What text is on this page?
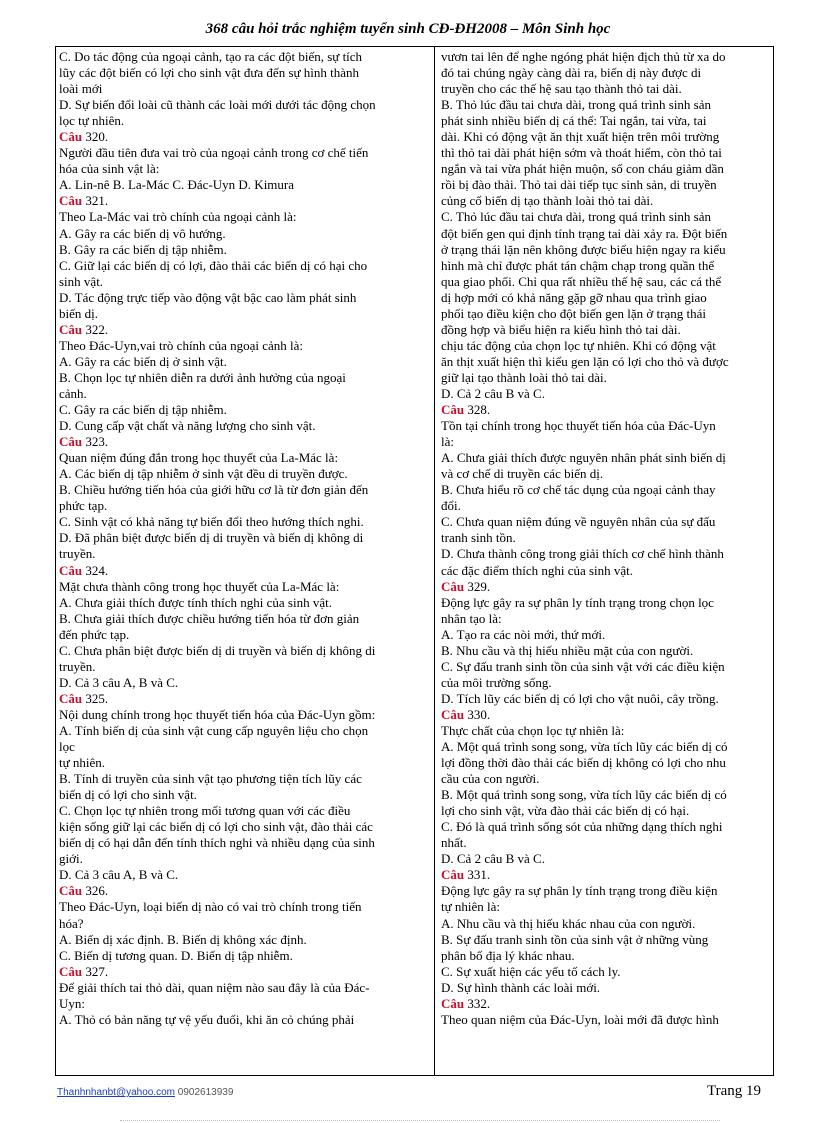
368 câu hỏi trắc nghiệm tuyển sinh CĐ-ĐH2008 – Môn Sinh học
C. Do tác động của ngoại cảnh, tạo ra các đột biến, sự tích
lũy các đột biến có lợi cho sinh vật đưa đến sự hình thành
loài mới
D. Sự biến đổi loài cũ thành các loài mới dưới tác động chọn
lọc tự nhiên.
Câu 320.
Người đầu tiên đưa vai trò của ngoại cảnh trong cơ chế tiến
hóa của sinh vật là:
A. Lin-nê B. La-Mác C. Đác-Uyn D. Kimura
Câu 321.
Theo La-Mác vai trò chính của ngoại cảnh là:
A. Gây ra các biến dị vô hướng.
B. Gây ra các biến dị tập nhiễm.
C. Giữ lại các biến dị có lợi, đào thải các biến dị có hại cho
sinh vật.
D. Tác động trực tiếp vào động vật bậc cao làm phát sinh
biến dị.
Câu 322.
Theo Đác-Uyn,vai trò chính của ngoại cảnh là:
A. Gây ra các biến dị ở sinh vật.
B. Chọn lọc tự nhiên diễn ra dưới ảnh hưởng của ngoại
cảnh.
C. Gây ra các biến dị tập nhiễm.
D. Cung cấp vật chất và năng lượng cho sinh vật.
Câu 323.
Quan niệm đúng đắn trong học thuyết của La-Mác là:
A. Các biến dị tập nhiễm ở sinh vật đều di truyền được.
B. Chiều hướng tiến hóa của giới hữu cơ là từ đơn giản đến
phức tạp.
C. Sinh vật có khả năng tự biến đổi theo hướng thích nghi.
D. Đã phân biệt được biến dị di truyền và biến dị không di
truyền.
Câu 324.
Mặt chưa thành công trong học thuyết của La-Mác là:
A. Chưa giải thích được tính thích nghi của sinh vật.
B. Chưa giải thích được chiều hướng tiến hóa từ đơn giản
đến phức tạp.
C. Chưa phân biệt được biến dị di truyền và biến dị không di
truyền.
D. Cả 3 câu A, B và C.
Câu 325.
Nội dung chính trong học thuyết tiến hóa của Đác-Uyn gồm:
A. Tính biến dị của sinh vật cung cấp nguyên liệu cho chọn
lọc
tự nhiên.
B. Tính di truyền của sinh vật tạo phương tiện tích lũy các
biến dị có lợi cho sinh vật.
C. Chọn lọc tự nhiên trong mối tương quan với các điều
kiện sống giữ lại các biến dị có lợi cho sinh vật, đào thải các
biến dị có hại dẫn đến tính thích nghi và nhiều dạng của sinh
giới.
D. Cả 3 câu A, B và C.
Câu 326.
Theo Đác-Uyn, loại biến dị nào có vai trò chính trong tiến
hóa?
A. Biến dị xác định. B. Biến dị không xác định.
C. Biến dị tương quan. D. Biến dị tập nhiễm.
Câu 327.
Để giải thích tai thỏ dài, quan niệm nào sau đây là của Đác-
Uyn:
A. Thỏ có bản năng tự vệ yếu đuối, khi ăn cỏ chúng phải
vươn tai lên để nghe ngóng phát hiện địch thủ từ xa do
đó tai chúng ngày càng dài ra, biến dị này được di
truyền cho các thế hệ sau tạo thành thỏ tai dài.
B. Thỏ lúc đầu tai chưa dài, trong quá trình sinh sản
phát sinh nhiều biến dị cá thể: Tai ngắn, tai vừa, tai
dài. Khi có động vật ăn thịt xuất hiện trên môi trường
thì thỏ tai dài phát hiện sớm và thoát hiểm, còn thỏ tai
ngắn và tai vừa phát hiện muộn, số con cháu giảm dần
rồi bị đào thải. Thỏ tai dài tiếp tục sinh sản, di truyền
củng cố biến dị tạo thành loài thỏ tai dài.
C. Thỏ lúc đầu tai chưa dài, trong quá trình sinh sản
đột biến gen qui định tính trạng tai dài xảy ra. Đột biến
ở trạng thái lặn nên không được biểu hiện ngay ra kiểu
hình mà chỉ được phát tán chậm chạp trong quần thể
qua giao phối. Chỉ qua rất nhiều thế hệ sau, các cá thể
dị hợp mới có khả năng gặp gỡ nhau qua trình giao
phối tạo điều kiện cho đột biến gen lặn ở trạng thái
đồng hợp và biểu hiện ra kiểu hình thỏ tai dài.
chịu tác động của chọn lọc tự nhiên. Khi có động vật
ăn thịt xuất hiện thì kiểu gen lặn có lợi cho thỏ và được
giữ lại tạo thành loài thỏ tai dài.
D. Cả 2 câu B và C.
Câu 328.
Tồn tại chính trong học thuyết tiến hóa của Đác-Uyn
là:
A. Chưa giải thích được nguyên nhân phát sinh biến dị
và cơ chế di truyền các biến dị.
B. Chưa hiểu rõ cơ chế tác dụng của ngoại cảnh thay
đổi.
C. Chưa quan niệm đúng về nguyên nhân của sự đấu
tranh sinh tồn.
D. Chưa thành công trong giải thích cơ chế hình thành
các đặc điểm thích nghi của sinh vật.
Câu 329.
Động lực gây ra sự phân ly tính trạng trong chọn lọc
nhân tạo là:
A. Tạo ra các nòi mới, thứ mới.
B. Nhu cầu và thị hiếu nhiều mặt của con người.
C. Sự đấu tranh sinh tồn của sinh vật với các điều kiện
của môi trường sống.
D. Tích lũy các biến dị có lợi cho vật nuôi, cây trồng.
Câu 330.
Thực chất của chọn lọc tự nhiên là:
A. Một quá trình song song, vừa tích lũy các biến dị có
lợi đồng thời đào thải các biến dị không có lợi cho nhu
cầu của con người.
B. Một quá trình song song, vừa tích lũy các biến dị có
lợi cho sinh vật, vừa đào thải các biến dị có hại.
C. Đó là quá trình sống sót của những dạng thích nghi
nhất.
D. Cả 2 câu B và C.
Câu 331.
Động lực gây ra sự phân ly tính trạng trong điều kiện
tự nhiên là:
A. Nhu cầu và thị hiếu khác nhau của con người.
B. Sự đấu tranh sinh tồn của sinh vật ở những vùng
phân bố địa lý khác nhau.
C. Sự xuất hiện các yếu tố cách ly.
D. Sự hình thành các loài mới.
Câu 332.
Theo quan niệm của Đác-Uyn, loài mới đã được hình
Thanhnhanbt@yahoo.com 0902613939	Trang 19
